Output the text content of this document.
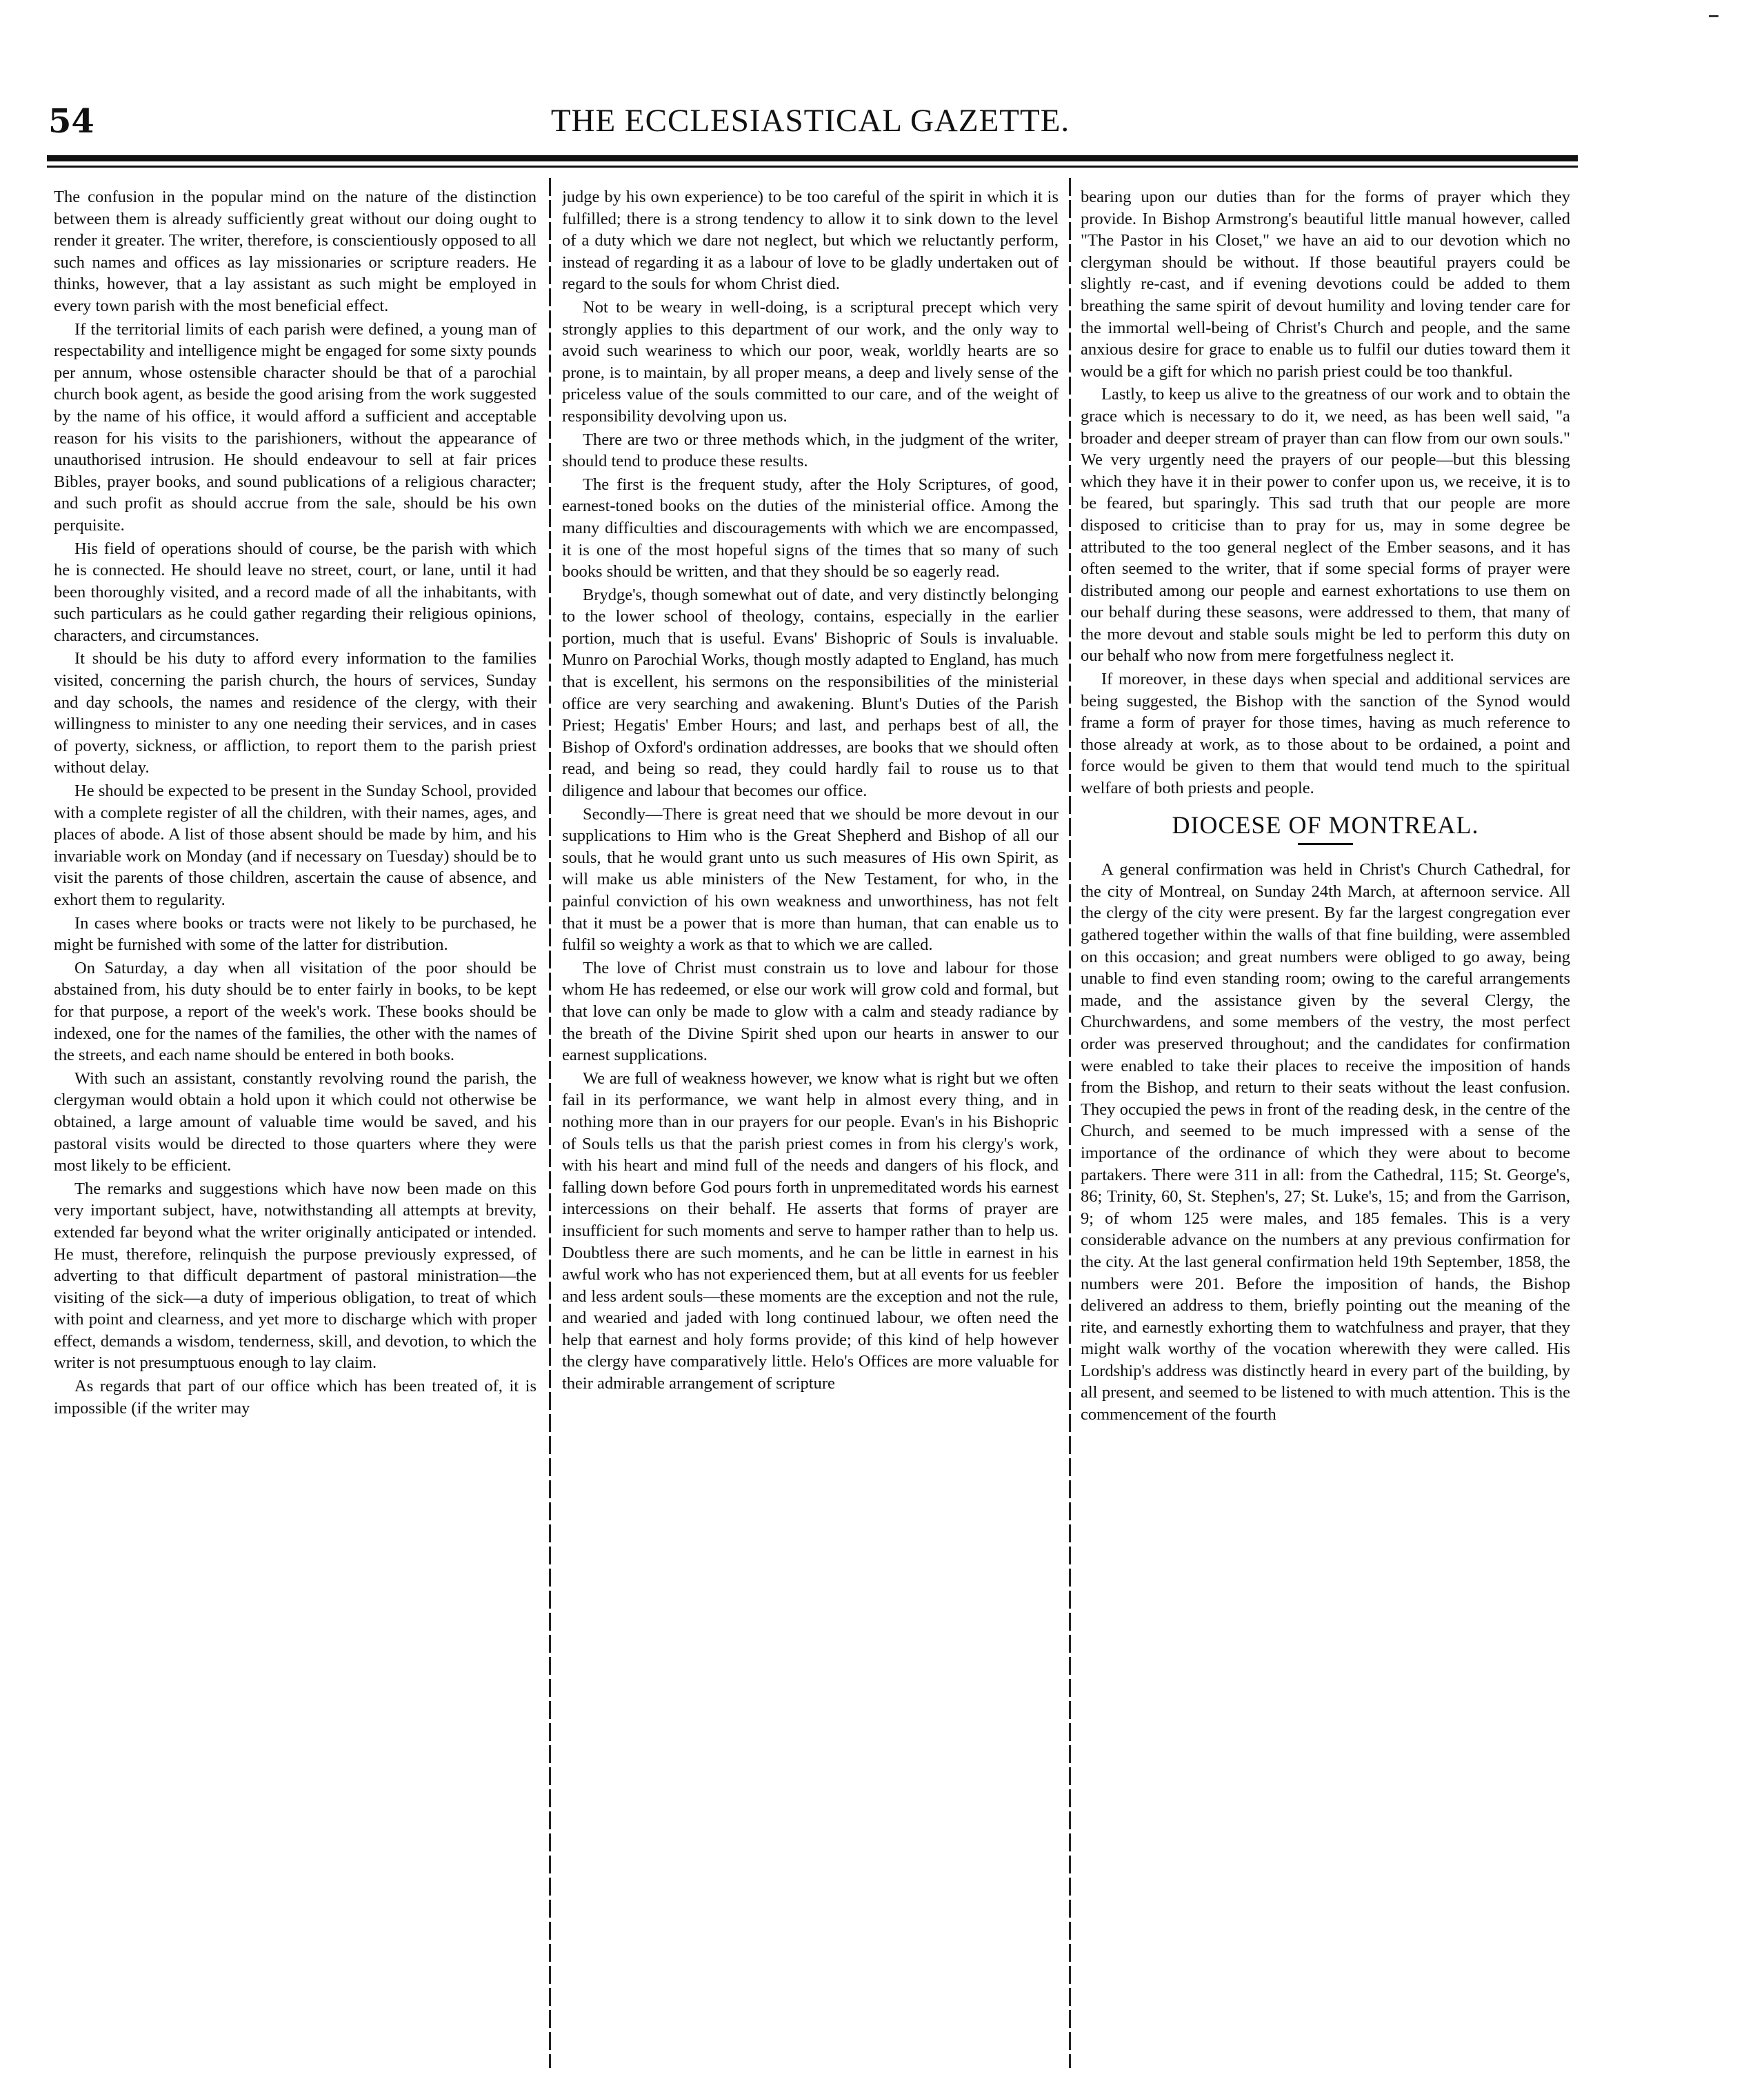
54	THE ECCLESIASTICAL GAZETTE.

The confusion in the popular mind on the nature of the distinction between them is already sufficiently great without our doing ought to render it greater. The writer, therefore, is conscientiously opposed to all such names and offices as lay missionaries or scripture readers. He thinks, however, that a lay assistant as such might be employed in every town parish with the most beneficial effect.

If the territorial limits of each parish were defined, a young man of respectability and intelligence might be engaged for some sixty pounds per annum, whose ostensible character should be that of a parochial church book agent, as beside the good arising from the work suggested by the name of his office, it would afford a sufficient and acceptable reason for his visits to the parishioners, without the appearance of unauthorised intrusion. He should endeavour to sell at fair prices Bibles, prayer books, and sound publications of a religious character; and such profit as should accrue from the sale, should be his own perquisite.

His field of operations should of course, be the parish with which he is connected. He should leave no street, court, or lane, until it had been thoroughly visited, and a record made of all the inhabitants, with such particulars as he could gather regarding their religious opinions, characters, and circumstances.

It should be his duty to afford every information to the families visited, concerning the parish church, the hours of services, Sunday and day schools, the names and residence of the clergy, with their willingness to minister to any one needing their services, and in cases of poverty, sickness, or affliction, to report them to the parish priest without delay.

He should be expected to be present in the Sunday School, provided with a complete register of all the children, with their names, ages, and places of abode. A list of those absent should be made by him, and his invariable work on Monday (and if necessary on Tuesday) should be to visit the parents of those children, ascertain the cause of absence, and exhort them to regularity.

In cases where books or tracts were not likely to be purchased, he might be furnished with some of the latter for distribution.

On Saturday, a day when all visitation of the poor should be abstained from, his duty should be to enter fairly in books, to be kept for that purpose, a report of the week's work. These books should be indexed, one for the names of the families, the other with the names of the streets, and each name should be entered in both books.

With such an assistant, constantly revolving round the parish, the clergyman would obtain a hold upon it which could not otherwise be obtained, a large amount of valuable time would be saved, and his pastoral visits would be directed to those quarters where they were most likely to be efficient.

The remarks and suggestions which have now been made on this very important subject, have, notwithstanding all attempts at brevity, extended far beyond what the writer originally anticipated or intended. He must, therefore, relinquish the purpose previously expressed, of adverting to that difficult department of pastoral ministration—the visiting of the sick—a duty of imperious obligation, to treat of which with point and clearness, and yet more to discharge which with proper effect, demands a wisdom, tenderness, skill, and devotion, to which the writer is not presumptuous enough to lay claim.

As regards that part of our office which has been treated of, it is impossible (if the writer may

judge by his own experience) to be too careful of the spirit in which it is fulfilled; there is a strong tendency to allow it to sink down to the level of a duty which we dare not neglect, but which we reluctantly perform, instead of regarding it as a labour of love to be gladly undertaken out of regard to the souls for whom Christ died.

Not to be weary in well-doing, is a scriptural precept which very strongly applies to this department of our work, and the only way to avoid such weariness to which our poor, weak, worldly hearts are so prone, is to maintain, by all proper means, a deep and lively sense of the priceless value of the souls committed to our care, and of the weight of responsibility devolving upon us.

There are two or three methods which, in the judgment of the writer, should tend to produce these results.

The first is the frequent study, after the Holy Scriptures, of good, earnest-toned books on the duties of the ministerial office. Among the many difficulties and discouragements with which we are encompassed, it is one of the most hopeful signs of the times that so many of such books should be written, and that they should be so eagerly read.

Brydge's, though somewhat out of date, and very distinctly belonging to the lower school of theology, contains, especially in the earlier portion, much that is useful. Evans' Bishopric of Souls is invaluable. Munro on Parochial Works, though mostly adapted to England, has much that is excellent, his sermons on the responsibilities of the ministerial office are very searching and awakening. Blunt's Duties of the Parish Priest; Hegatis' Ember Hours; and last, and perhaps best of all, the Bishop of Oxford's ordination addresses, are books that we should often read, and being so read, they could hardly fail to rouse us to that diligence and labour that becomes our office.

Secondly—There is great need that we should be more devout in our supplications to Him who is the Great Shepherd and Bishop of all our souls, that he would grant unto us such measures of His own Spirit, as will make us able ministers of the New Testament, for who, in the painful conviction of his own weakness and unworthiness, has not felt that it must be a power that is more than human, that can enable us to fulfil so weighty a work as that to which we are called.

The love of Christ must constrain us to love and labour for those whom He has redeemed, or else our work will grow cold and formal, but that love can only be made to glow with a calm and steady radiance by the breath of the Divine Spirit shed upon our hearts in answer to our earnest supplications.

We are full of weakness however, we know what is right but we often fail in its performance, we want help in almost every thing, and in nothing more than in our prayers for our people. Evan's in his Bishopric of Souls tells us that the parish priest comes in from his clergy's work, with his heart and mind full of the needs and dangers of his flock, and falling down before God pours forth in unpremeditated words his earnest intercessions on their behalf. He asserts that forms of prayer are insufficient for such moments and serve to hamper rather than to help us. Doubtless there are such moments, and he can be little in earnest in his awful work who has not experienced them, but at all events for us feebler and less ardent souls—these moments are the exception and not the rule, and wearied and jaded with long continued labour, we often need the help that earnest and holy forms provide; of this kind of help however the clergy have comparatively little. Helo's Offices are more valuable for their admirable arrangement of scripture

bearing upon our duties than for the forms of prayer which they provide. In Bishop Armstrong's beautiful little manual however, called "The Pastor in his Closet," we have an aid to our devotion which no clergyman should be without. If those beautiful prayers could be slightly re-cast, and if evening devotions could be added to them breathing the same spirit of devout humility and loving tender care for the immortal well-being of Christ's Church and people, and the same anxious desire for grace to enable us to fulfil our duties toward them it would be a gift for which no parish priest could be too thankful.

Lastly, to keep us alive to the greatness of our work and to obtain the grace which is necessary to do it, we need, as has been well said, "a broader and deeper stream of prayer than can flow from our own souls." We very urgently need the prayers of our people—but this blessing which they have it in their power to confer upon us, we receive, it is to be feared, but sparingly. This sad truth that our people are more disposed to criticise than to pray for us, may in some degree be attributed to the too general neglect of the Ember seasons, and it has often seemed to the writer, that if some special forms of prayer were distributed among our people and earnest exhortations to use them on our behalf during these seasons, were addressed to them, that many of the more devout and stable souls might be led to perform this duty on our behalf who now from mere forgetfulness neglect it.

If moreover, in these days when special and additional services are being suggested, the Bishop with the sanction of the Synod would frame a form of prayer for those times, having as much reference to those already at work, as to those about to be ordained, a point and force would be given to them that would tend much to the spiritual welfare of both priests and people.

DIOCESE OF MONTREAL.

A general confirmation was held in Christ's Church Cathedral, for the city of Montreal, on Sunday 24th March, at afternoon service. All the clergy of the city were present. By far the largest congregation ever gathered together within the walls of that fine building, were assembled on this occasion; and great numbers were obliged to go away, being unable to find even standing room; owing to the careful arrangements made, and the assistance given by the several Clergy, the Churchwardens, and some members of the vestry, the most perfect order was preserved throughout; and the candidates for confirmation were enabled to take their places to receive the imposition of hands from the Bishop, and return to their seats without the least confusion. They occupied the pews in front of the reading desk, in the centre of the Church, and seemed to be much impressed with a sense of the importance of the ordinance of which they were about to become partakers. There were 311 in all: from the Cathedral, 115; St. George's, 86; Trinity, 60, St. Stephen's, 27; St. Luke's, 15; and from the Garrison, 9; of whom 125 were males, and 185 females. This is a very considerable advance on the numbers at any previous confirmation for the city. At the last general confirmation held 19th September, 1858, the numbers were 201. Before the imposition of hands, the Bishop delivered an address to them, briefly pointing out the meaning of the rite, and earnestly exhorting them to watchfulness and prayer, that they might walk worthy of the vocation wherewith they were called. His Lordship's address was distinctly heard in every part of the building, by all present, and seemed to be listened to with much attention. This is the commencement of the fourth
